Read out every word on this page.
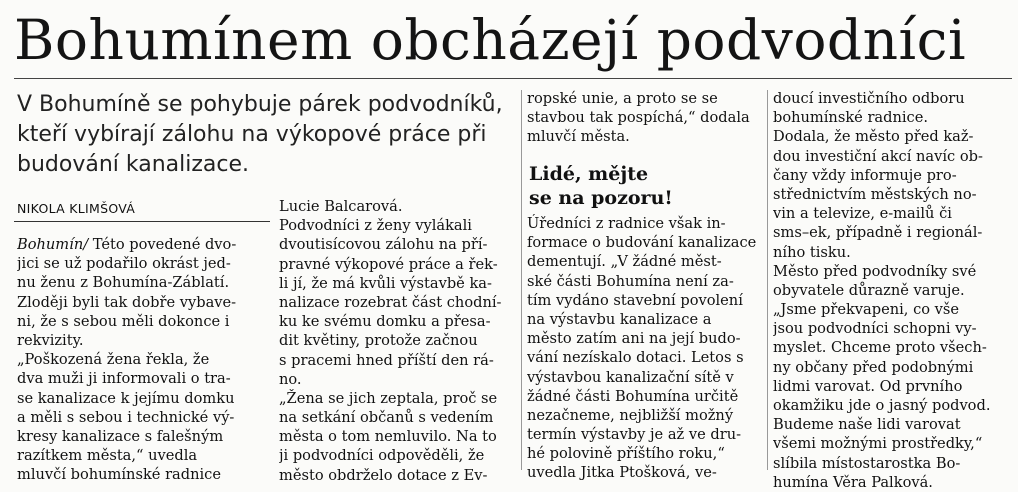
Bohumínem obcházejí podvodníci
V Bohumíně se pohybuje párek podvodníků,
kteří vybírají zálohu na výkopové práce při
budování kanalizace.
NIKOLA KLIMŠOVÁ
Bohumín/ Této povedené dvo-
jici se už podařilo okrást jed-
nu ženu z Bohumína-Záblatí.
Zloději byli tak dobře vybave-
ni, že s sebou měli dokonce i
rekvizity.
„Poškozená žena řekla, že
dva muži ji informovali o tra-
se kanalizace k jejímu domku
a měli s sebou i technické vý-
kresy kanalizace s falešným
razítkem města,“ uvedla
mluvčí bohumínské radnice
Lucie Balcarová.
Podvodníci z ženy vylákali
dvoutisícovou zálohu na pří-
pravné výkopové práce a řek-
li jí, že má kvůli výstavbě ka-
nalizace rozebrat část chodní-
ku ke svému domku a přesa-
dit květiny, protože začnou
s pracemi hned příští den rá-
no.
„Žena se jich zeptala, proč se
na setkání občanů s vedením
města o tom nemluvilo. Na to
ji podvodníci odpověděli, že
město obdrželo dotace z Ev-
ropské unie, a proto se se
stavbou tak pospíchá,“ dodala
mluvčí města.
Lidé, mějte
se na pozoru!
Úředníci z radnice však in-
formace o budování kanalizace
dementují. „V žádné měst-
ské části Bohumína není za-
tím vydáno stavební povolení
na výstavbu kanalizace a
město zatím ani na její budo-
vání nezískalo dotaci. Letos s
výstavbou kanalizační sítě v
žádné části Bohumína určitě
nezačneme, nejbližší možný
termín výstavby je až ve dru-
hé polovině příštího roku,“
uvedla Jitka Ptošková, ve-
doucí investičního odboru
bohumínské radnice.
Dodala, že město před kaž-
dou investiční akcí navíc ob-
čany vždy informuje pro-
střednictvím městských no-
vin a televize, e-mailů či
sms–ek, případně i regionál-
ního tisku.
Město před podvodníky své
obyvatele důrazně varuje.
„Jsme překvapeni, co vše
jsou podvodníci schopni vy-
myslet. Chceme proto všech-
ny občany před podobnými
lidmi varovat. Od prvního
okamžiku jde o jasný podvod.
Budeme naše lidi varovat
všemi možnými prostředky,“
slíbila místostarostka Bo-
humína Věra Palková.
